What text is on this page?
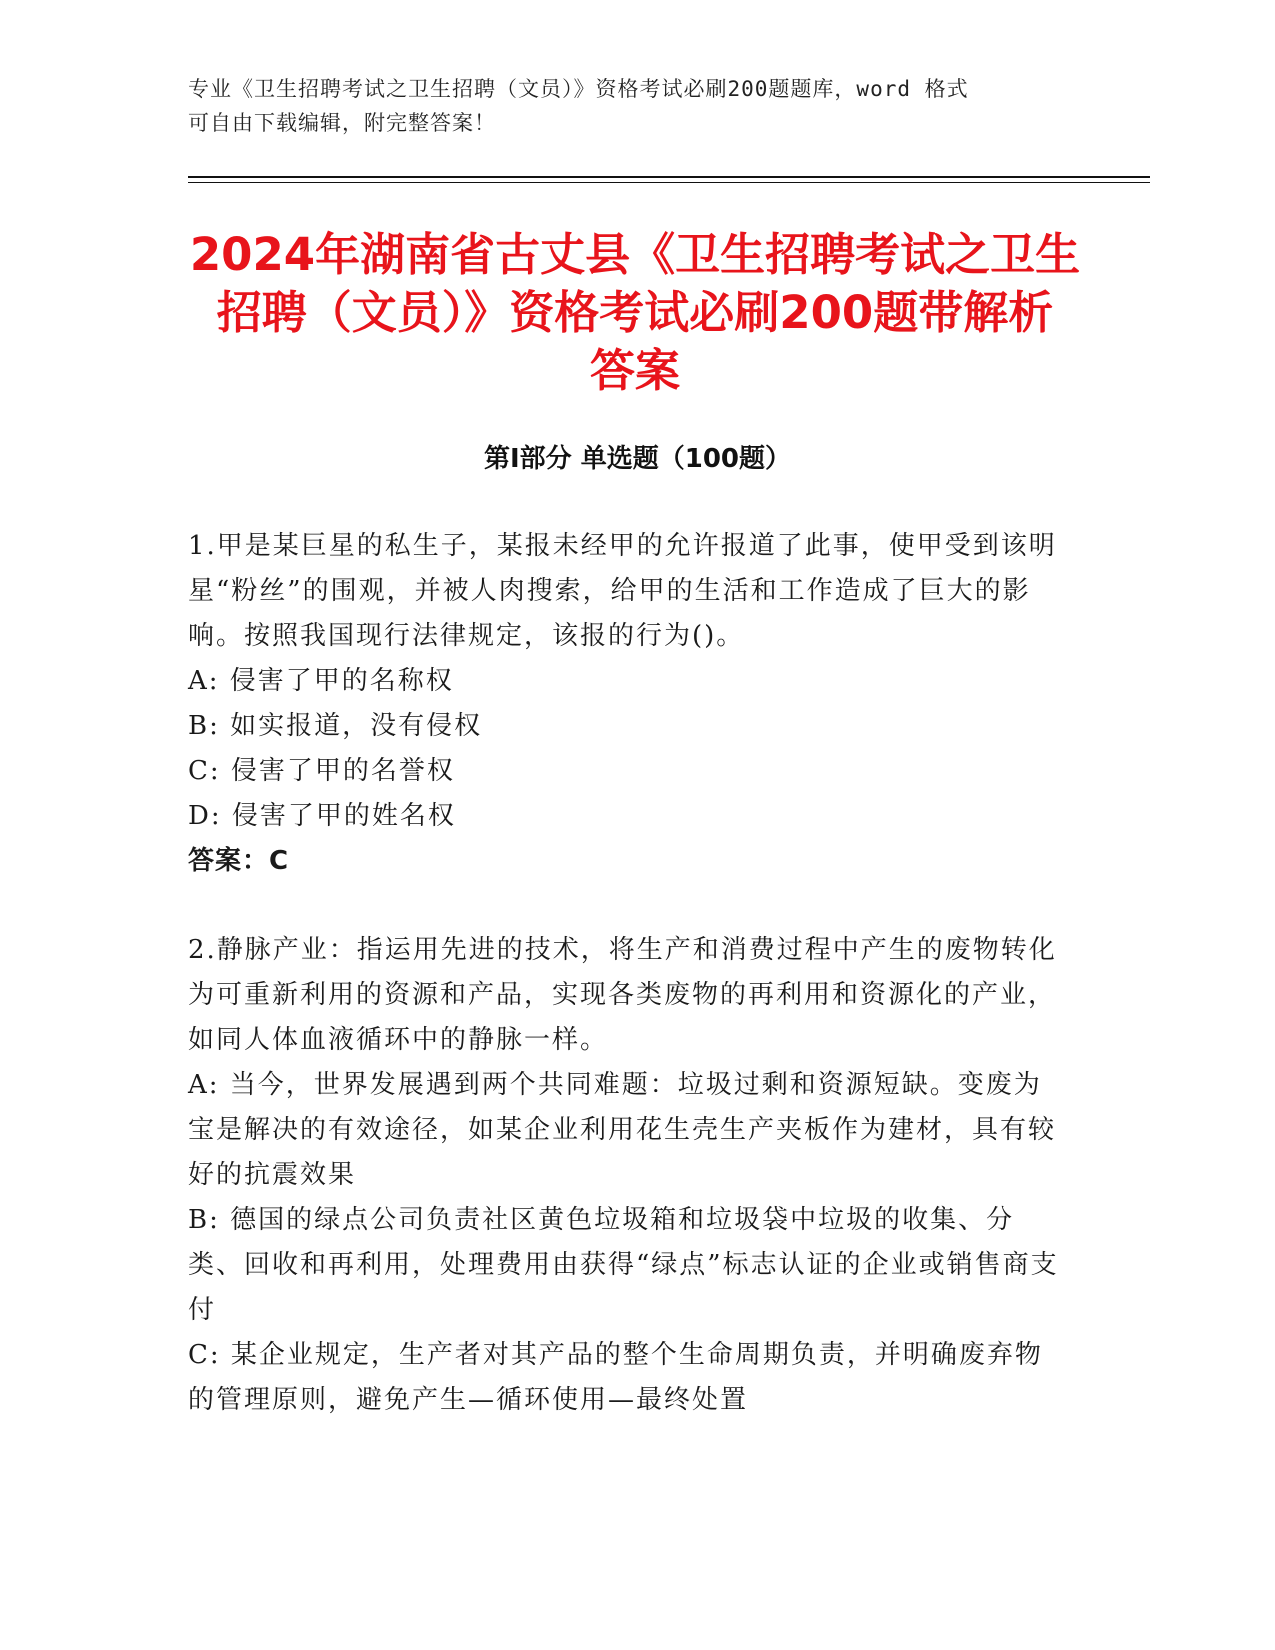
专业《卫生招聘考试之卫生招聘（文员）》资格考试必刷200题题库，word 格式
可自由下载编辑，附完整答案！
2024年湖南省古丈县《卫生招聘考试之卫生
招聘（文员）》资格考试必刷200题带解析
答案
第Ⅰ部分 单选题（100题）

1.甲是某巨星的私生子，某报未经甲的允许报道了此事，使甲受到该明星“粉丝”的围观，并被人肉搜索，给甲的生活和工作造成了巨大的影响。按照我国现行法律规定，该报的行为()。

A: 侵害了甲的名称权

B: 如实报道，没有侵权

C: 侵害了甲的名誉权

D: 侵害了甲的姓名权

答案：C

2.静脉产业：指运用先进的技术，将生产和消费过程中产生的废物转化为可重新利用的资源和产品，实现各类废物的再利用和资源化的产业，如同人体血液循环中的静脉一样。

A: 当今，世界发展遇到两个共同难题：垃圾过剩和资源短缺。变废为宝是解决的有效途径，如某企业利用花生壳生产夹板作为建材，具有较好的抗震效果

B: 德国的绿点公司负责社区黄色垃圾箱和垃圾袋中垃圾的收集、分类、回收和再利用，处理费用由获得“绿点”标志认证的企业或销售商支付

C: 某企业规定，生产者对其产品的整个生命周期负责，并明确废弃物的管理原则，避免产生—循环使用—最终处置
